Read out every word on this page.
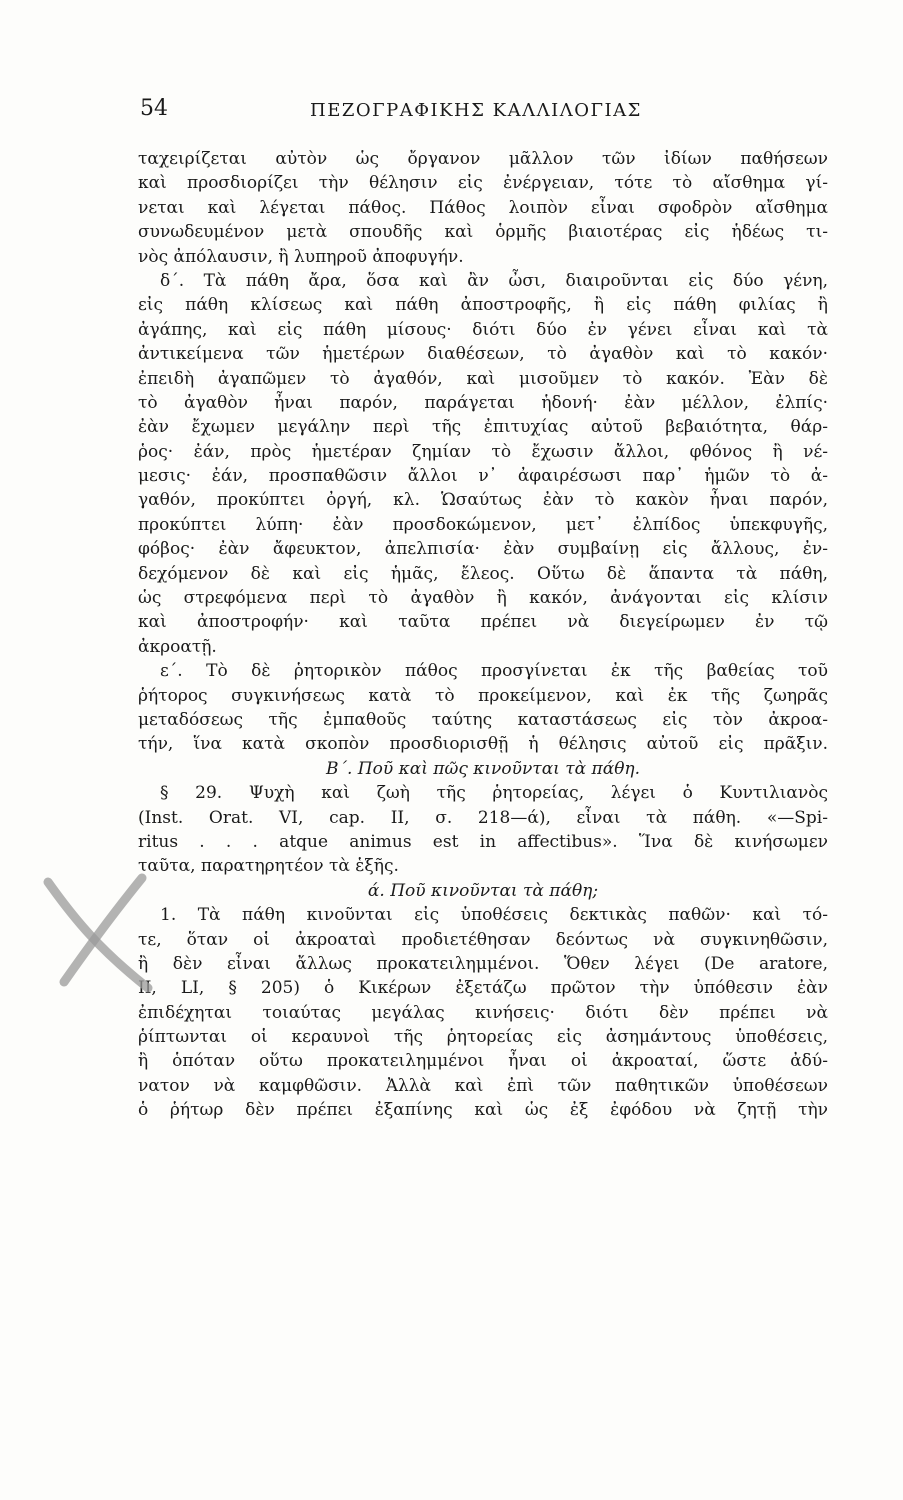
54	ΠΕΖΟΓΡΑΦΙΚΗΣ ΚΑΛΛΙΛΟΓΙΑΣ
ταχειρίζεται αὐτὸν ὡς ὄργανον μᾶλλον τῶν ἰδίων παθήσεων
καὶ προσδιορίζει τὴν θέλησιν εἰς ἐνέργειαν, τότε τὸ αἴσθημα γί-
νεται καὶ λέγεται πάθος. Πάθος λοιπὸν εἶναι σφοδρὸν αἴσθημα
συνωδευμένον μετὰ σπουδῆς καὶ ὁρμῆς βιαιοτέρας εἰς ἡδέως τι-
νὸς ἀπόλαυσιν, ἢ λυπηροῦ ἀποφυγήν.
δ΄. Τὰ πάθη ἄρα, ὅσα καὶ ἂν ὦσι, διαιροῦνται εἰς δύο γένη,
εἰς πάθη κλίσεως καὶ πάθη ἀποστροφῆς, ἢ εἰς πάθη φιλίας ἢ
ἀγάπης, καὶ εἰς πάθη μίσους· διότι δύο ἐν γένει εἶναι καὶ τὰ
ἀντικείμενα τῶν ἡμετέρων διαθέσεων, τὸ ἀγαθὸν καὶ τὸ κακόν·
ἐπειδὴ ἀγαπῶμεν τὸ ἀγαθόν, καὶ μισοῦμεν τὸ κακόν. Ἐὰν δὲ
τὸ ἀγαθὸν ἦναι παρόν, παράγεται ἡδονή· ἐὰν μέλλον, ἐλπίς·
ἐὰν ἔχωμεν μεγάλην περὶ τῆς ἐπιτυχίας αὐτοῦ βεβαιότητα, θάρ-
ῥος· ἐάν, πρὸς ἡμετέραν ζημίαν τὸ ἔχωσιν ἄλλοι, φθόνος ἢ νέ-
μεσις· ἐάν, προσπαθῶσιν ἄλλοι ν᾿ ἀφαιρέσωσι παρ᾿ ἡμῶν τὸ ἀ-
γαθόν, προκύπτει ὀργή, κλ. Ὡσαύτως ἐὰν τὸ κακὸν ἦναι παρόν,
προκύπτει λύπη· ἐὰν προσδοκώμενον, μετ᾿ ἐλπίδος ὑπεκφυγῆς,
φόβος· ἐὰν ἄφευκτον, ἀπελπισία· ἐὰν συμβαίνῃ εἰς ἄλλους, ἐν-
δεχόμενον δὲ καὶ εἰς ἡμᾶς, ἔλεος. Οὕτω δὲ ἅπαντα τὰ πάθη,
ὡς στρεφόμενα περὶ τὸ ἀγαθὸν ἢ κακόν, ἀνάγονται εἰς κλίσιν
καὶ ἀποστροφήν· καὶ ταῦτα πρέπει νὰ διεγείρωμεν ἐν τῷ
ἀκροατῇ.
ε΄. Τὸ δὲ ῥητορικὸν πάθος προσγίνεται ἐκ τῆς βαθείας τοῦ
ῥήτορος συγκινήσεως κατὰ τὸ προκείμενον, καὶ ἐκ τῆς ζωηρᾶς
μεταδόσεως τῆς ἐμπαθοῦς ταύτης καταστάσεως εἰς τὸν ἀκροα-
τήν, ἵνα κατὰ σκοπὸν προσδιορισθῇ ἡ θέλησις αὐτοῦ εἰς πρᾶξιν.
Β΄. Ποῦ καὶ πῶς κινοῦνται τὰ πάθη.
§ 29. Ψυχὴ καὶ ζωὴ τῆς ῥητορείας, λέγει ὁ Κυντιλιανὸς
(Inst. Orat. VI, cap. II, σ. 218—ά), εἶναι τὰ πάθη. «—Spi-
ritus . . . atque animus est in affectibus». Ἵνα δὲ κινήσωμεν
ταῦτα, παρατηρητέον τὰ ἑξῆς.
ά. Ποῦ κινοῦνται τὰ πάθη;
1. Τὰ πάθη κινοῦνται εἰς ὑποθέσεις δεκτικὰς παθῶν· καὶ τό-
τε, ὅταν οἱ ἀκροαταὶ προδιετέθησαν δεόντως νὰ συγκινηθῶσιν,
ἢ δὲν εἶναι ἄλλως προκατειλημμένοι. Ὅθεν λέγει (De aratore,
II, LI, § 205) ὁ Κικέρων ἐξετάζω πρῶτον τὴν ὑπόθεσιν ἐὰν
ἐπιδέχηται τοιαύτας μεγάλας κινήσεις· διότι δὲν πρέπει νὰ
ῥίπτωνται οἱ κεραυνοὶ τῆς ῥητορείας εἰς ἀσημάντους ὑποθέσεις,
ἢ ὁπόταν οὕτω προκατειλημμένοι ἦναι οἱ ἀκροαταί, ὥστε ἀδύ-
νατον νὰ καμφθῶσιν. Ἀλλὰ καὶ ἐπὶ τῶν παθητικῶν ὑποθέσεων
ὁ ῥήτωρ δὲν πρέπει ἐξαπίνης καὶ ὡς ἐξ ἐφόδου νὰ ζητῇ τὴν
